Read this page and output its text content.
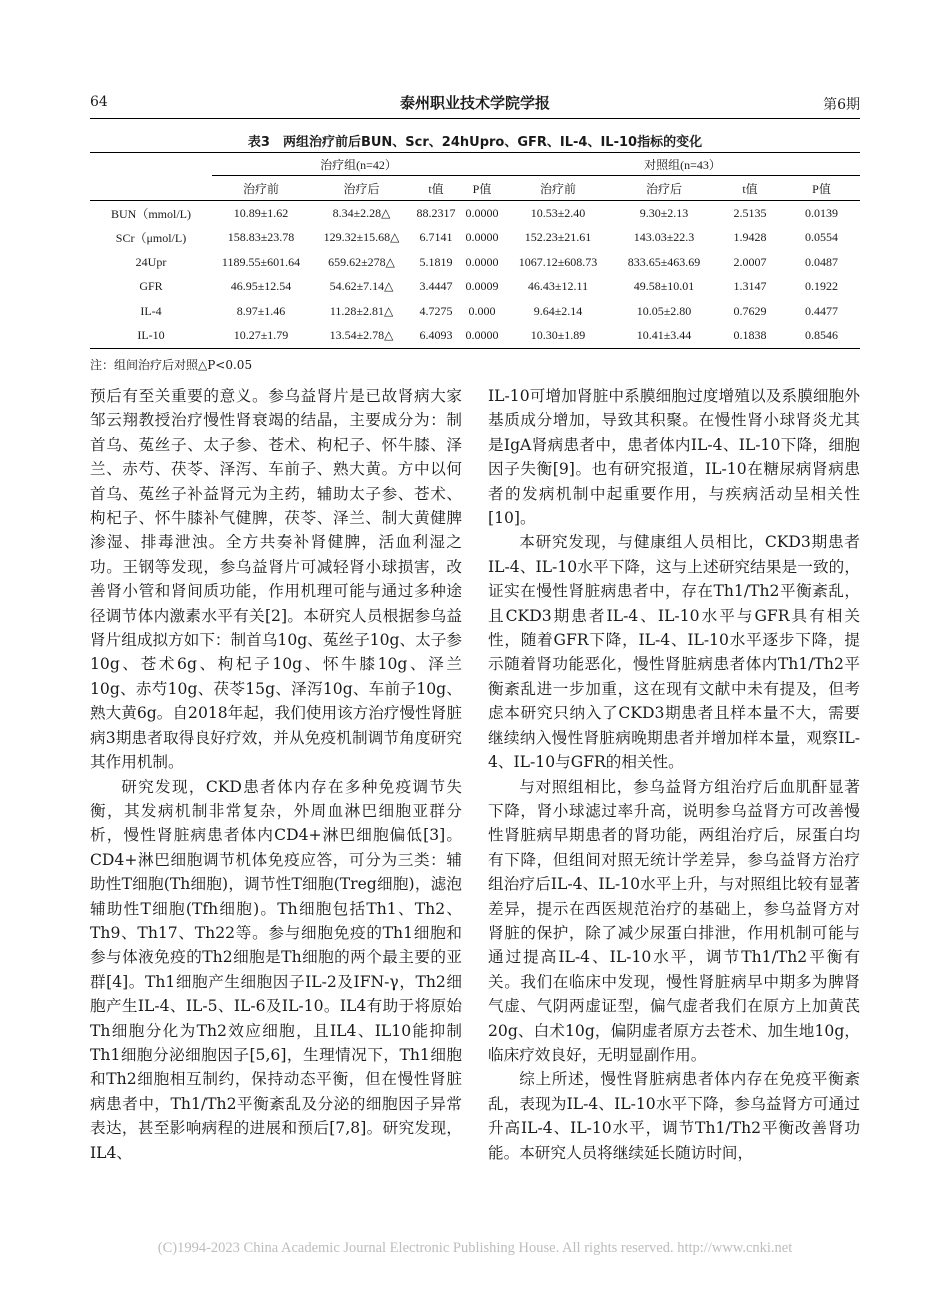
64	泰州职业技术学院学报	第6期
表3　两组治疗前后BUN、Scr、24hUpro、GFR、IL-4、IL-10指标的变化
	治疗组(n=42）				对照组(n=43）			
	治疗前	治疗后	t值	P值	治疗前	治疗后	t值	P值
BUN（mmol/L)	10.89±1.62	8.34±2.28△	88.2317	0.0000	10.53±2.40	9.30±2.13	2.5135	0.0139
SCr（μmol/L)	158.83±23.78	129.32±15.68△	6.7141	0.0000	152.23±21.61	143.03±22.3	1.9428	0.0554
24Upr	1189.55±601.64	659.62±278△	5.1819	0.0000	1067.12±608.73	833.65±463.69	2.0007	0.0487
GFR	46.95±12.54	54.62±7.14△	3.4447	0.0009	46.43±12.11	49.58±10.01	1.3147	0.1922
IL-4	8.97±1.46	11.28±2.81△	4.7275	0.000	9.64±2.14	10.05±2.80	0.7629	0.4477
IL-10	10.27±1.79	13.54±2.78△	6.4093	0.0000	10.30±1.89	10.41±3.44	0.1838	0.8546
注：组间治疗后对照△P<0.05

预后有至关重要的意义。参乌益肾片是已故肾病大家邹云翔教授治疗慢性肾衰竭的结晶，主要成分为：制首乌、菟丝子、太子参、苍术、枸杞子、怀牛膝、泽兰、赤芍、茯苓、泽泻、车前子、熟大黄。方中以何首乌、菟丝子补益肾元为主药，辅助太子参、苍术、枸杞子、怀牛膝补气健脾，茯苓、泽兰、制大黄健脾渗湿、排毒泄浊。全方共奏补肾健脾，活血利湿之功。王钢等发现，参乌益肾片可减轻肾小球损害，改善肾小管和肾间质功能，作用机理可能与通过多种途径调节体内激素水平有关[2]。本研究人员根据参乌益肾片组成拟方如下：制首乌10g、菟丝子10g、太子参10g、苍术6g、枸杞子10g、怀牛膝10g、泽兰10g、赤芍10g、茯苓15g、泽泻10g、车前子10g、熟大黄6g。自2018年起，我们使用该方治疗慢性肾脏病3期患者取得良好疗效，并从免疫机制调节角度研究其作用机制。

研究发现，CKD患者体内存在多种免疫调节失衡，其发病机制非常复杂，外周血淋巴细胞亚群分析，慢性肾脏病患者体内CD4+淋巴细胞偏低[3]。CD4+淋巴细胞调节机体免疫应答，可分为三类：辅助性T细胞(Th细胞)，调节性T细胞(Treg细胞)，滤泡辅助性T细胞(Tfh细胞)。Th细胞包括Th1、Th2、Th9、Th17、Th22等。参与细胞免疫的Th1细胞和参与体液免疫的Th2细胞是Th细胞的两个最主要的亚群[4]。Th1细胞产生细胞因子IL-2及IFN-γ，Th2细胞产生IL-4、IL-5、IL-6及IL-10。IL4有助于将原始Th细胞分化为Th2效应细胞，且IL4、IL10能抑制Th1细胞分泌细胞因子[5,6]，生理情况下，Th1细胞和Th2细胞相互制约，保持动态平衡，但在慢性肾脏病患者中，Th1/Th2平衡紊乱及分泌的细胞因子异常表达，甚至影响病程的进展和预后[7,8]。研究发现，IL4、

IL-10可增加肾脏中系膜细胞过度增殖以及系膜细胞外基质成分增加，导致其积聚。在慢性肾小球肾炎尤其是IgA肾病患者中，患者体内IL-4、IL-10下降，细胞因子失衡[9]。也有研究报道，IL-10在糖尿病肾病患者的发病机制中起重要作用，与疾病活动呈相关性[10]。

本研究发现，与健康组人员相比，CKD3期患者IL-4、IL-10水平下降，这与上述研究结果是一致的，证实在慢性肾脏病患者中，存在Th1/Th2平衡紊乱，且CKD3期患者IL-4、IL-10水平与GFR具有相关性，随着GFR下降，IL-4、IL-10水平逐步下降，提示随着肾功能恶化，慢性肾脏病患者体内Th1/Th2平衡紊乱进一步加重，这在现有文献中未有提及，但考虑本研究只纳入了CKD3期患者且样本量不大，需要继续纳入慢性肾脏病晚期患者并增加样本量，观察IL-4、IL-10与GFR的相关性。

与对照组相比，参乌益肾方组治疗后血肌酐显著下降，肾小球滤过率升高，说明参乌益肾方可改善慢性肾脏病早期患者的肾功能，两组治疗后，尿蛋白均有下降，但组间对照无统计学差异，参乌益肾方治疗组治疗后IL-4、IL-10水平上升，与对照组比较有显著差异，提示在西医规范治疗的基础上，参乌益肾方对肾脏的保护，除了减少尿蛋白排泄，作用机制可能与通过提高IL-4、IL-10水平，调节Th1/Th2平衡有关。我们在临床中发现，慢性肾脏病早中期多为脾肾气虚、气阴两虚证型，偏气虚者我们在原方上加黄芪20g、白术10g，偏阴虚者原方去苍术、加生地10g，临床疗效良好，无明显副作用。

综上所述，慢性肾脏病患者体内存在免疫平衡紊乱，表现为IL-4、IL-10水平下降，参乌益肾方可通过升高IL-4、IL-10水平，调节Th1/Th2平衡改善肾功能。本研究人员将继续延长随访时间，

(C)1994-2023 China Academic Journal Electronic Publishing House. All rights reserved. http://www.cnki.net
